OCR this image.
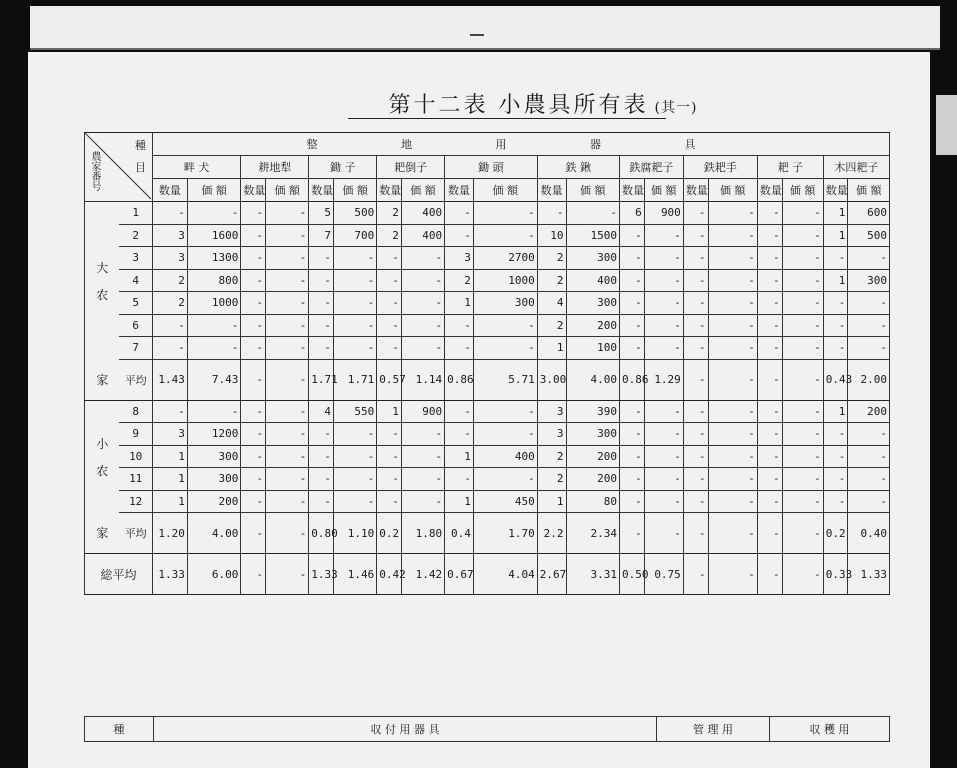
第十二表 小農具所有表 (其一)
種
目
農家番号		整 地 用 器 具																			
		畔 犬		耕地犁		鋤 子		耙倒子		鋤 頭		鉄 鍬		鉄腐耙子		鉄耙手		耙 子		木四耙子	
		数量	価 額	数量	価 額	数量	価 額	数量	価 額	数量	価 額	数量	価 額	数量	価 額	数量	価 額	数量	価 額	数量	価 額

大
农	1	-	-	-	-	5	500	2	400	-	-	-	-	6	900	-	-	-	-	1	600
	2	3	1600	-	-	7	700	2	400	-	-	10	1500	-	-	-	-	-	-	1	500
	3	3	1300	-	-	-	-	-	-	3	2700	2	300	-	-	-	-	-	-	-	-
	4	2	800	-	-	-	-	-	-	2	1000	2	400	-	-	-	-	-	-	1	300
	5	2	1000	-	-	-	-	-	-	1	300	4	300	-	-	-	-	-	-	-	-
	6	-	-	-	-	-	-	-	-	-	-	2	200	-	-	-	-	-	-	-	-
	7	-	-	-	-	-	-	-	-	-	-	1	100	-	-	-	-	-	-	-	-
家	平均	1.43	7.43	-	-	1.71	1.71	0.57	1.14	0.86	5.71	3.00	4.00	0.86	1.29	-	-	-	-	0.43	2.00

小
农	8	-	-	-	-	4	550	1	900	-	-	3	390	-	-	-	-	-	-	1	200
	9	3	1200	-	-	-	-	-	-	-	-	3	300	-	-	-	-	-	-	-	-
	10	1	300	-	-	-	-	-	-	1	400	2	200	-	-	-	-	-	-	-	-
	11	1	300	-	-	-	-	-	-	-	-	2	200	-	-	-	-	-	-	-	-
	12	1	200	-	-	-	-	-	-	1	450	1	80	-	-	-	-	-	-	-	-
家	平均	1.20	4.00	-	-	0.80	1.10	0.2	1.80	0.4	1.70	2.2	2.34	-	-	-	-	-	-	0.2	0.40
総平均		1.33	6.00	-	-	1.33	1.46	0.42	1.42	0.67	4.04	2.67	3.31	0.50	0.75	-	-	-	-	0.33	1.33
種	収 付 用 器 具	管 理 用	収 穫 用
